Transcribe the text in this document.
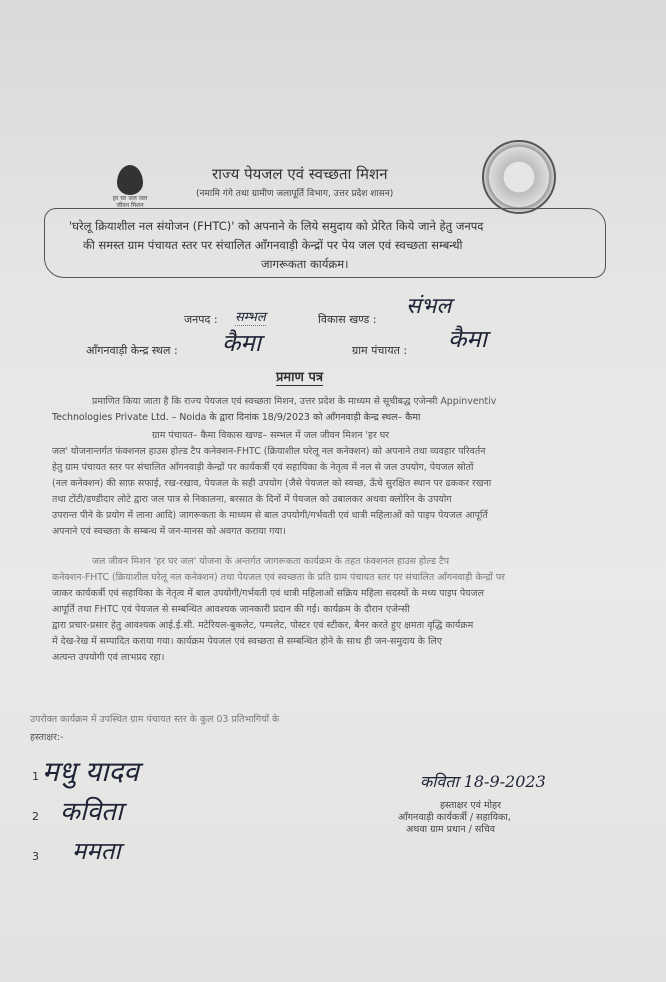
हर घर जल जल जीवन मिशन
राज्य पेयजल एवं स्वच्छता मिशन
(नमामि गंगे तथा ग्रामीण जलापूर्ति विभाग, उत्तर प्रदेश शासन)

'घरेलू क्रियाशील नल संयोजन (FHTC)' को अपनाने के लिये समुदाय को प्रेरित किये जाने हेतु जनपद

की समस्त ग्राम पंचायत स्तर पर संचालित ऑंगनवाड़ी केन्द्रों पर पेय जल एवं स्वच्छता सम्बन्धी

जागरूकता कार्यक्रम।

जनपद : सम्भल	विकास खण्ड :
संभल
ऑंगनवाड़ी केन्द्र स्थल : कैमा	ग्राम पंचायत : कैमा
प्रमाण पत्र
प्रमाणित किया जाता है कि राज्य पेयजल एवं स्वच्छता मिशन, उत्तर प्रदेश के माध्यम से सूचीबद्ध एजेन्सी Appinventiv
Technologies Private Ltd. – Noida के द्वारा दिनांक 18/9/2023 को ऑंगनवाड़ी केन्द्र स्थल– कैमा
ग्राम पंचायत– कैमा विकास खण्ड– सम्भल में जल जीवन मिशन 'हर घर
जल' योजनान्तर्गत फंक्शनल हाउस होल्ड टैप कनेक्शन-FHTC (क्रियाशील घरेलू नल कनेक्शन) को अपनाने तथा व्यवहार परिवर्तन
हेतु ग्राम पंचायत स्तर पर संचालित ऑंगनवाड़ी केन्द्रों पर कार्यकर्त्री एवं सहायिका के नेतृत्व में नल से जल उपयोग, पेयजल स्रोतों
(नल कनेक्शन) की साफ़ सफाई, रख-रखाव, पेयजल के सही उपयोग (जैसे पेयजल को स्वच्छ, ऊँचे सुरक्षित स्थान पर ढककर रखना
तथा टोंटी/डण्डीदार लोटे द्वारा जल पात्र से निकालना, बरसात के दिनों में पेयजल को उबालकर अथवा क्लोरिन के उपयोग
उपरान्त पीने के प्रयोग में लाना आदि) जागरूकता के माध्यम से बाल उपयोगी/गर्भवती एवं धात्री महिलाओं को पाइप पेयजल आपूर्ति
अपनाने एवं स्वच्छता के सम्बन्ध में जन-मानस को अवगत कराया गया।
जल जीवन मिशन 'हर घर जल' योजना के अन्तर्गत जागरूकता कार्यक्रम के तहत फंक्शनल हाउस होल्ड टैप
कनेक्शन-FHTC (क्रियाशील घरेलू नल कनेक्शन) तथा पेयजल एवं स्वच्छता के प्रति ग्राम पंचायत स्तर पर संचालित ऑंगनवाड़ी केन्द्रों पर
जाकर कार्यकर्त्री एवं सहायिका के नेतृत्व में बाल उपयोगी/गर्भवती एवं धात्री महिलाओं सक्रिय महिला सदस्यों के मध्य पाइप पेयजल
आपूर्ति तथा FHTC एवं पेयजल से सम्बन्धित आवश्यक जानकारी प्रदान की गई। कार्यक्रम के दौरान एजेन्सी
द्वारा प्रचार-प्रसार हेतु आवश्यक आई.ई.सी. मटेरियल-बुकलेट, पम्पलेट, पोस्टर एवं स्टीकर, बैनर करते हुए क्षमता वृद्धि कार्यक्रम
में देख-रेख में सम्पादित कराया गया। कार्यक्रम पेयजल एवं स्वच्छता से सम्बन्धित होने के साथ ही जन-समुदाय के लिए
अत्यन्त उपयोगी एवं लाभप्रद रहा।
उपरोक्त कार्यक्रम में उपस्थित ग्राम पंचायत स्तर के कुल 03 प्रतिभागियों के
हस्ताक्षर:-
1 मधु यादव
2 कविता
3 ममता
कविता 18-9-2023
हस्ताक्षर एवं मोहर
ऑंगनवाड़ी कार्यकर्त्री / सहायिका,
अथवा ग्राम प्रधान / सचिव
